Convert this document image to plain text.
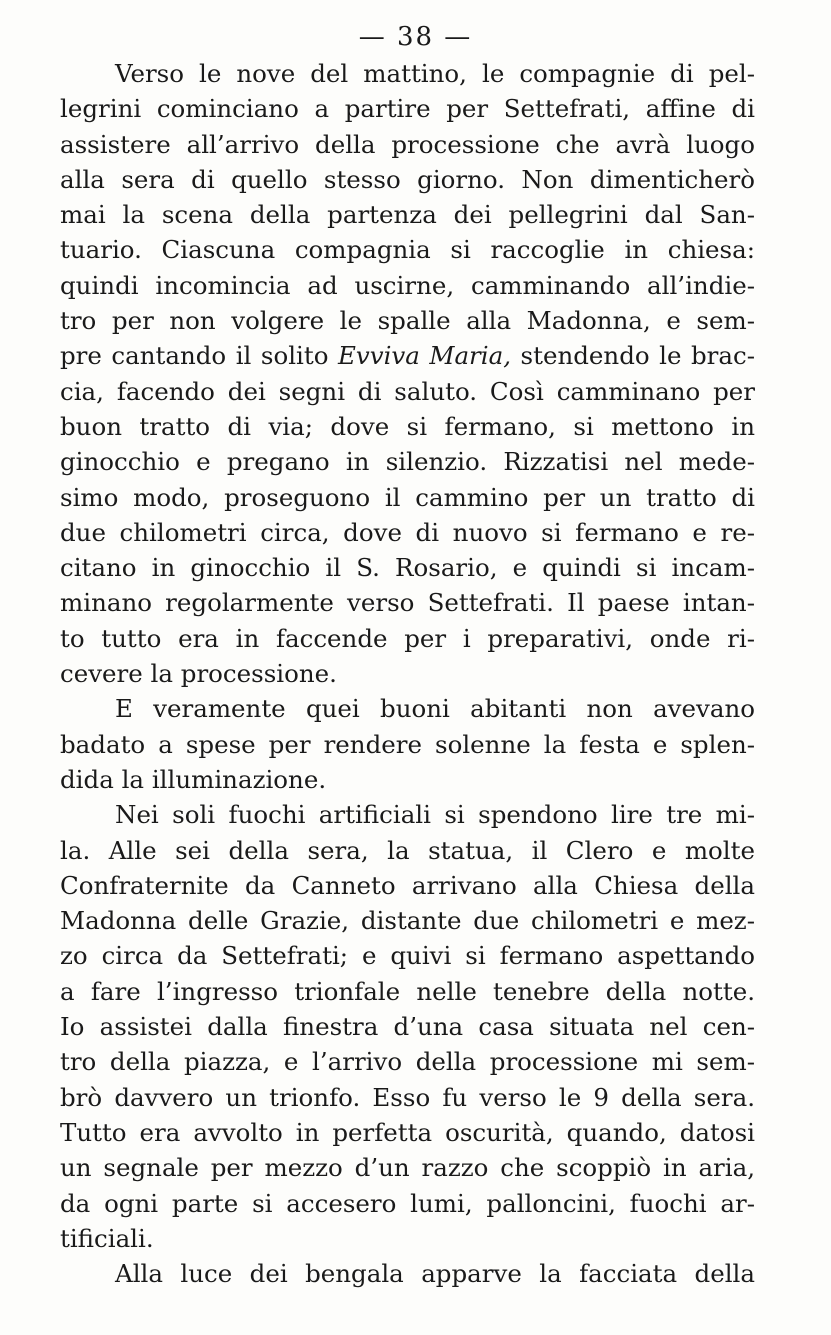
— 38 —
Verso le nove del mattino, le compagnie di pel-
legrini cominciano a partire per Settefrati, affine di
assistere all’arrivo della processione che avrà luogo
alla sera di quello stesso giorno. Non dimenticherò
mai la scena della partenza dei pellegrini dal San-
tuario. Ciascuna compagnia si raccoglie in chiesa:
quindi incomincia ad uscirne, camminando all’indie-
tro per non volgere le spalle alla Madonna, e sem-
pre cantando il solito Evviva Maria, stendendo le brac-
cia, facendo dei segni di saluto. Così camminano per
buon tratto di via; dove si fermano, si mettono in
ginocchio e pregano in silenzio. Rizzatisi nel mede-
simo modo, proseguono il cammino per un tratto di
due chilometri circa, dove di nuovo si fermano e re-
citano in ginocchio il S. Rosario, e quindi si incam-
minano regolarmente verso Settefrati. Il paese intan-
to tutto era in faccende per i preparativi, onde ri-
cevere la processione.
E veramente quei buoni abitanti non avevano
badato a spese per rendere solenne la festa e splen-
dida la illuminazione.
Nei soli fuochi artificiali si spendono lire tre mi-
la. Alle sei della sera, la statua, il Clero e molte
Confraternite da Canneto arrivano alla Chiesa della
Madonna delle Grazie, distante due chilometri e mez-
zo circa da Settefrati; e quivi si fermano aspettando
a fare l’ingresso trionfale nelle tenebre della notte.
Io assistei dalla finestra d’una casa situata nel cen-
tro della piazza, e l’arrivo della processione mi sem-
brò davvero un trionfo. Esso fu verso le 9 della sera.
Tutto era avvolto in perfetta oscurità, quando, datosi
un segnale per mezzo d’un razzo che scoppiò in aria,
da ogni parte si accesero lumi, palloncini, fuochi ar-
tificiali.
Alla luce dei bengala apparve la facciata della
